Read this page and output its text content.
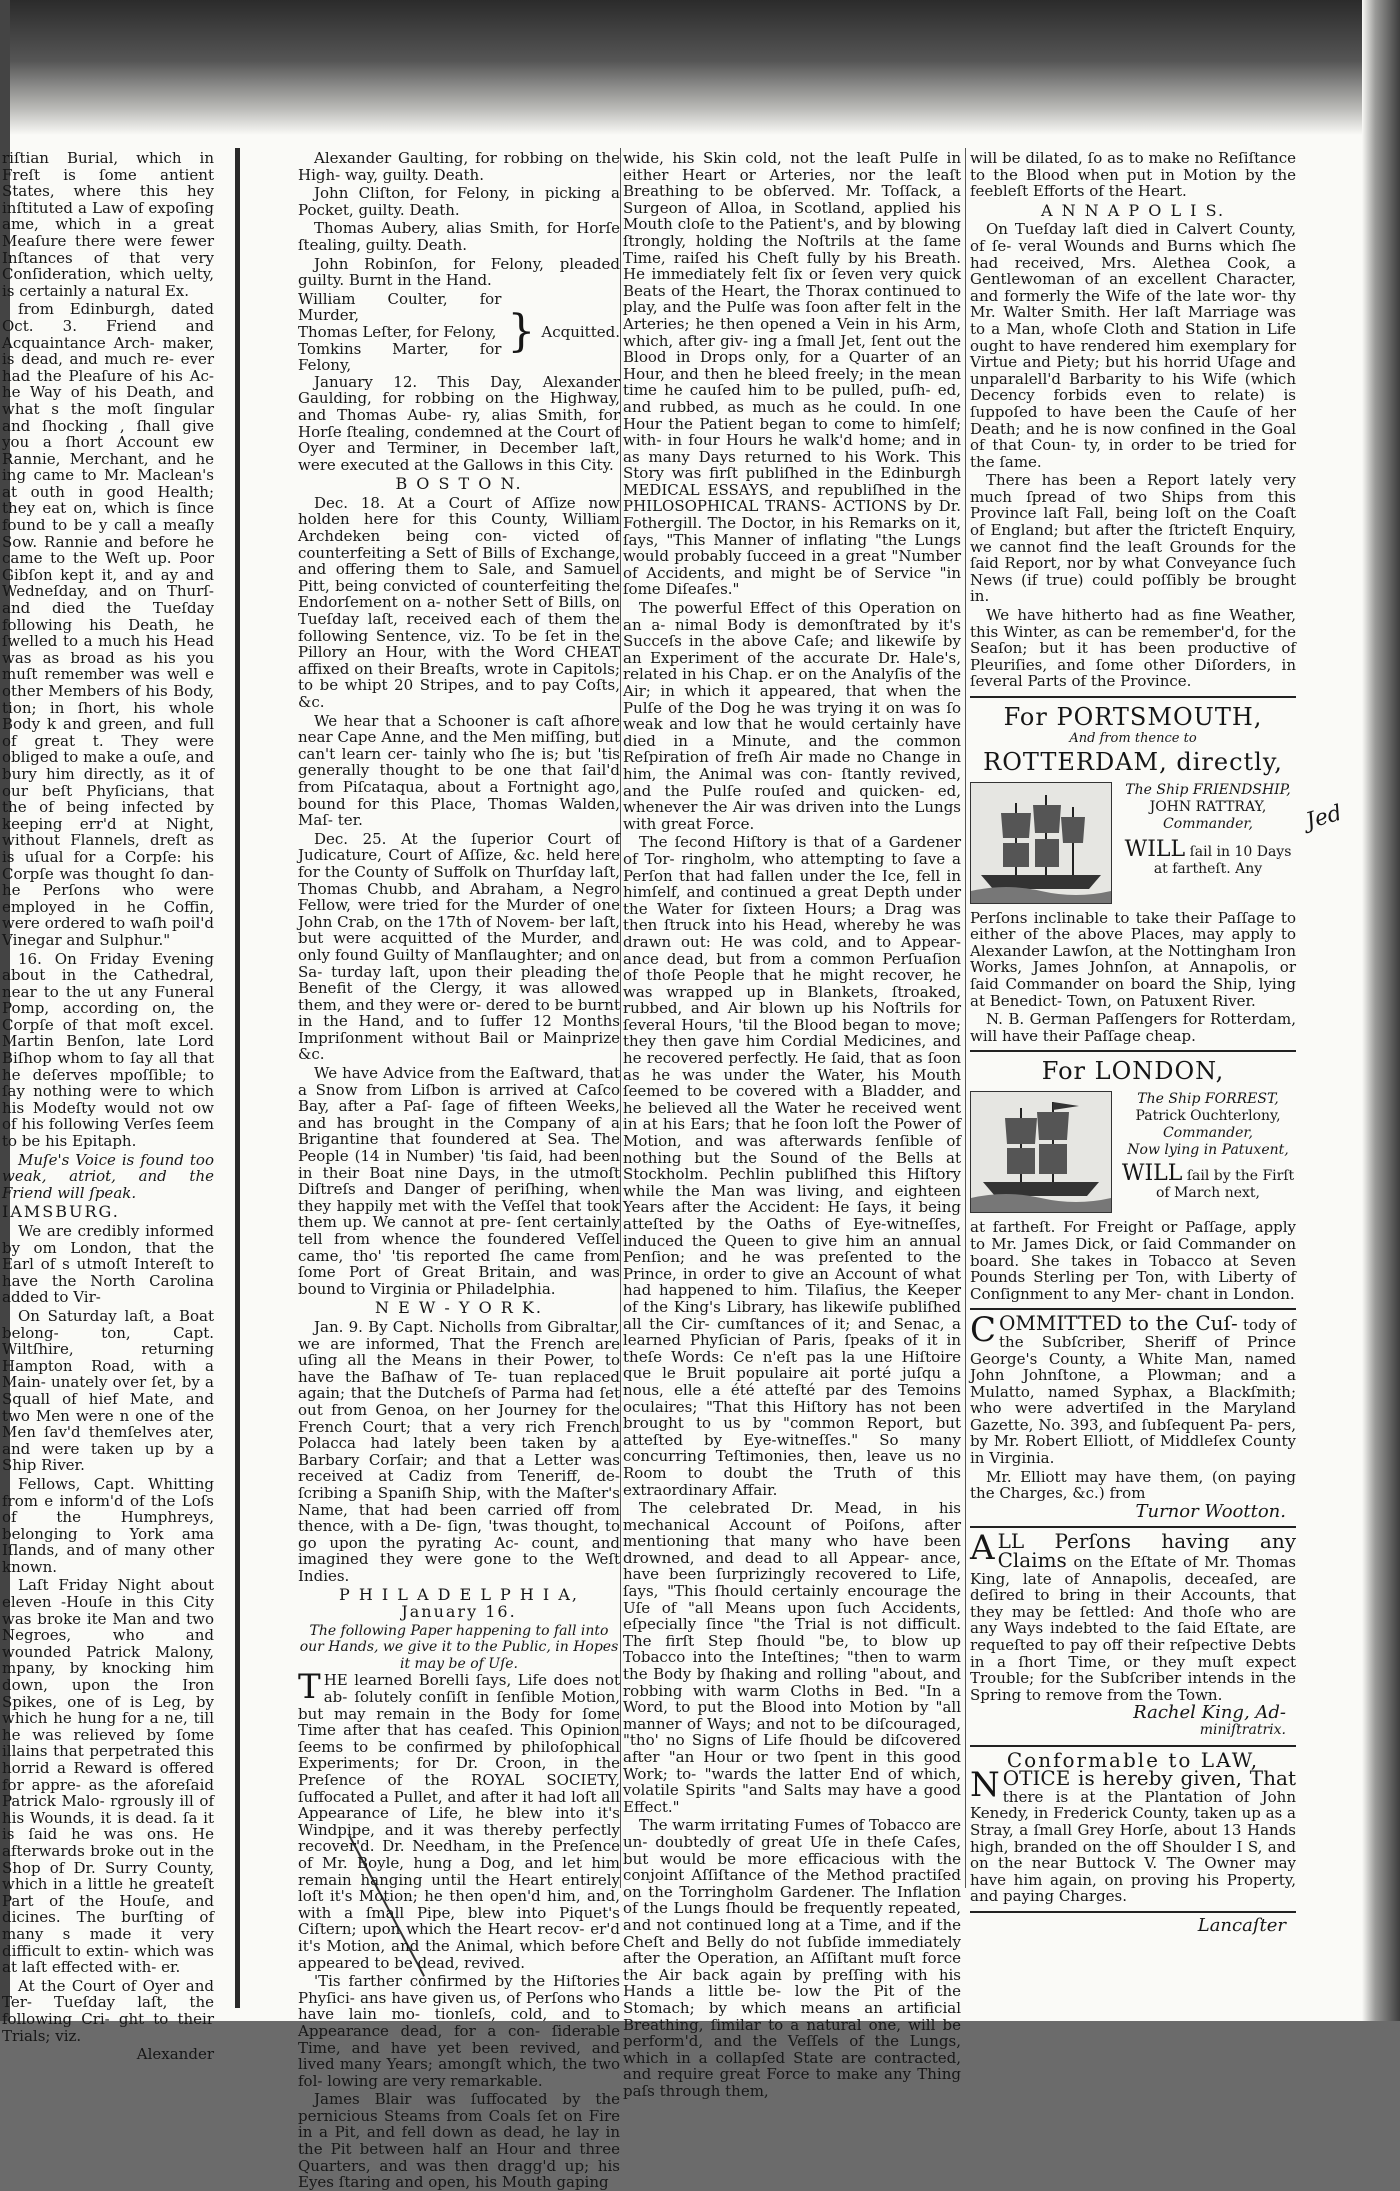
riſtian Burial, which in Freſt is ſome antient States, where this hey inſtituted a Law of expoſing ame, which in a great Meaſure there were fewer Inſtances of that very Conſideration, which uelty, is certainly a natural Ex.

from Edinburgh, dated Oct. 3. Friend and Acquaintance Arch- maker, is dead, and much re- ever had the Pleaſure of his Ac- he Way of his Death, and what s the moſt ſingular and ſhocking , ſhall give you a ſhort Account ew Rannie, Merchant, and he ing came to Mr. Maclean's at outh in good Health; they eat on, which is ſince found to be y call a meaſly Sow. Rannie and before he came to the Weſt up. Poor Gibſon kept it, and ay and Wedneſday, and on Thurſ- and died the Tueſday following his Death, he ſwelled to a much his Head was as broad as his you muſt remember was well e other Members of his Body, tion; in ſhort, his whole Body k and green, and full of great t. They were obliged to make a ouſe, and bury him directly, as it of our beſt Phyſicians, that the of being infected by keeping err'd at Night, without Flannels, dreſt as is uſual for a Corpſe: his Corpſe was thought ſo dan- he Perſons who were employed in he Coffin, were ordered to waſh poil'd Vinegar and Sulphur."

16. On Friday Evening about in the Cathedral, near to the ut any Funeral Pomp, according on, the Corpſe of that moſt excel. Martin Benſon, late Lord Biſhop whom to ſay all that he deſerves mpoſſible; to ſay nothing were to which his Modeſty would not ow of his following Verſes ſeem to be his Epitaph.

Muſe's Voice is found too weak, atriot, and the Friend will ſpeak.

IAMSBURG.

We are credibly informed by om London, that the Earl of s utmoſt Intereſt to have the North Carolina added to Vir-

On Saturday laſt, a Boat belong- ton, Capt. Wiltſhire, returning Hampton Road, with a Main- unately over ſet, by a Squall of hief Mate, and two Men were n one of the Men ſav'd themſelves ater, and were taken up by a Ship River.

Fellows, Capt. Whitting from e inform'd of the Loſs of the Humphreys, belonging to York ama Iſlands, and of many other known.

Laſt Friday Night about eleven -Houſe in this City was broke ite Man and two Negroes, who and wounded Patrick Malony, mpany, by knocking him down, upon the Iron Spikes, one of is Leg, by which he hung for a ne, till he was relieved by ſome illains that perpetrated this horrid a Reward is offered for appre- as the aforeſaid Patrick Malo- rgrously ill of his Wounds, it is dead. ſa it is ſaid he was ons. He afterwards broke out in the Shop of Dr. Surry County, which in a little he greateſt Part of the Houſe, and dicines. The burſting of many s made it very difficult to extin- which was at laſt effected with- er.

At the Court of Oyer and Ter- Tueſday laſt, the following Cri- ght to their Trials; viz.

Alexander

Alexander Gaulting, for robbing on the High- way, guilty. Death.

John Cliſton, for Felony, in picking a Pocket, guilty. Death.

Thomas Aubery, alias Smith, for Horſe ſtealing, guilty. Death.

John Robinſon, for Felony, pleaded guilty. Burnt in the Hand.

William Coulter, for Murder,
Thomas Leſter, for Felony,
Tomkins Marter, for Felony,
} Acquitted.

January 12. This Day, Alexander Gaulding, for robbing on the Highway, and Thomas Aube- ry, alias Smith, for Horſe ſtealing, condemned at the Court of Oyer and Terminer, in December laſt, were executed at the Gallows in this City.

B O S T O N.

Dec. 18. At a Court of Aſſize now holden here for this County, William Archdeken being con- victed of counterfeiting a Sett of Bills of Exchange, and offering them to Sale, and Samuel Pitt, being convicted of counterfeiting the Endorſement on a- nother Sett of Bills, on Tueſday laſt, received each of them the following Sentence, viz. To be ſet in the Pillory an Hour, with the Word CHEAT affixed on their Breaſts, wrote in Capitols; to be whipt 20 Stripes, and to pay Coſts, &c.

We hear that a Schooner is caſt aſhore near Cape Anne, and the Men miſſing, but can't learn cer- tainly who ſhe is; but 'tis generally thought to be one that ſail'd from Piſcataqua, about a Fortnight ago, bound for this Place, Thomas Walden, Maſ- ter.

Dec. 25. At the ſuperior Court of Judicature, Court of Aſſize, &c. held here for the County of Suffolk on Thurſday laſt, Thomas Chubb, and Abraham, a Negro Fellow, were tried for the Murder of one John Crab, on the 17th of Novem- ber laſt, but were acquitted of the Murder, and only found Guilty of Manſlaughter; and on Sa- turday laſt, upon their pleading the Benefit of the Clergy, it was allowed them, and they were or- dered to be burnt in the Hand, and to ſuffer 12 Months Impriſonment without Bail or Mainprize &c.

We have Advice from the Eaſtward, that a Snow from Liſbon is arrived at Caſco Bay, after a Paſ- ſage of fifteen Weeks, and has brought in the Company of a Brigantine that foundered at Sea. The People (14 in Number) 'tis ſaid, had been in their Boat nine Days, in the utmoſt Diſtreſs and Danger of periſhing, when they happily met with the Veſſel that took them up. We cannot at pre- ſent certainly tell from whence the foundered Veſſel came, tho' 'tis reported ſhe came from ſome Port of Great Britain, and was bound to Virginia or Philadelphia.

N E W - Y O R K.

Jan. 9. By Capt. Nicholls from Gibraltar, we are informed, That the French are uſing all the Means in their Power, to have the Baſhaw of Te- tuan replaced again; that the Dutcheſs of Parma had ſet out from Genoa, on her Journey for the French Court; that a very rich French Polacca had lately been taken by a Barbary Corſair; and that a Letter was received at Cadiz from Teneriff, de- ſcribing a Spaniſh Ship, with the Maſter's Name, that had been carried off from thence, with a De- ſign, 'twas thought, to go upon the pyrating Ac- count, and imagined they were gone to the Weſt Indies.

P H I L A D E L P H I A, January 16.
The following Paper happening to fall into our Hands, we give it to the Public, in Hopes it may be of Uſe.

THE learned Borelli ſays, Life does not ab- ſolutely conſiſt in ſenſible Motion, but may remain in the Body for ſome Time after that has ceaſed. This Opinion ſeems to be confirmed by philoſophical Experiments; for Dr. Croon, in the Preſence of the ROYAL SOCIETY, ſuffocated a Pullet, and after it had loſt all Appearance of Life, he blew into it's Windpipe, and it was thereby perfectly recover'd. Dr. Needham, in the Preſence of Mr. Boyle, hung a Dog, and let him remain hanging until the Heart entirely loſt it's Motion; he then open'd him, and, with a ſmall Pipe, blew into Piquet's Ciſtern; upon which the Heart recov- er'd it's Motion, and the Animal, which before appeared to be dead, revived.

'Tis farther confirmed by the Hiſtories Phyſici- ans have given us, of Perſons who have lain mo- tionleſs, cold, and to Appearance dead, for a con- ſiderable Time, and have yet been revived, and lived many Years; amongſt which, the two fol- lowing are very remarkable.

James Blair was ſuffocated by the pernicious Steams from Coals ſet on Fire in a Pit, and fell down as dead, he lay in the Pit between half an Hour and three Quarters, and was then dragg'd up; his Eyes ſtaring and open, his Mouth gaping

wide, his Skin cold, not the leaſt Pulſe in either Heart or Arteries, nor the leaſt Breathing to be obſerved. Mr. Toſſack, a Surgeon of Alloa, in Scotland, applied his Mouth cloſe to the Patient's, and by blowing ſtrongly, holding the Noſtrils at the ſame Time, raiſed his Cheſt fully by his Breath. He immediately felt ſix or ſeven very quick Beats of the Heart, the Thorax continued to play, and the Pulſe was ſoon after felt in the Arteries; he then opened a Vein in his Arm, which, after giv- ing a ſmall Jet, ſent out the Blood in Drops only, for a Quarter of an Hour, and then he bleed freely; in the mean time he cauſed him to be pulled, puſh- ed, and rubbed, as much as he could. In one Hour the Patient began to come to himſelf; with- in four Hours he walk'd home; and in as many Days returned to his Work. This Story was firſt publiſhed in the Edinburgh MEDICAL ESSAYS, and republiſhed in the PHILOSOPHICAL TRANS- ACTIONS by Dr. Fothergill. The Doctor, in his Remarks on it, ſays, "This Manner of inflating "the Lungs would probably ſucceed in a great "Number of Accidents, and might be of Service "in ſome Diſeaſes."

The powerful Effect of this Operation on an a- nimal Body is demonſtrated by it's Succeſs in the above Caſe; and likewiſe by an Experiment of the accurate Dr. Hale's, related in his Chap. er on the Analyſis of the Air; in which it appeared, that when the Pulſe of the Dog he was trying it on was ſo weak and low that he would certainly have died in a Minute, and the common Reſpiration of freſh Air made no Change in him, the Animal was con- ſtantly revived, and the Pulſe rouſed and quicken- ed, whenever the Air was driven into the Lungs with great Force.

The ſecond Hiſtory is that of a Gardener of Tor- ringholm, who attempting to ſave a Perſon that had fallen under the Ice, fell in himſelf, and continued a great Depth under the Water for ſixteen Hours; a Drag was then ſtruck into his Head, whereby he was drawn out: He was cold, and to Appear- ance dead, but from a common Perſuaſion of thoſe People that he might recover, he was wrapped up in Blankets, ſtroaked, rubbed, and Air blown up his Noſtrils for ſeveral Hours, 'til the Blood began to move; they then gave him Cordial Medicines, and he recovered perfectly. He ſaid, that as ſoon as he was under the Water, his Mouth ſeemed to be covered with a Bladder, and he believed all the Water he received went in at his Ears; that he ſoon loſt the Power of Motion, and was afterwards ſenſible of nothing but the Sound of the Bells at Stockholm. Pechlin publiſhed this Hiſtory while the Man was living, and eighteen Years after the Accident: He ſays, it being atteſted by the Oaths of Eye-witneſſes, induced the Queen to give him an annual Penſion; and he was preſented to the Prince, in order to give an Account of what had happened to him. Tilaſius, the Keeper of the King's Library, has likewiſe publiſhed all the Cir- cumſtances of it; and Senac, a learned Phyſician of Paris, ſpeaks of it in theſe Words: Ce n'eſt pas la une Hiſtoire que le Bruit populaire ait porté juſqu a nous, elle a été atteſté par des Temoins oculaires; "That this Hiſtory has not been brought to us by "common Report, but atteſted by Eye-witneſſes." So many concurring Teſtimonies, then, leave us no Room to doubt the Truth of this extraordinary Affair.

The celebrated Dr. Mead, in his mechanical Account of Poiſons, after mentioning that many who have been drowned, and dead to all Appear- ance, have been ſurprizingly recovered to Life, ſays, "This ſhould certainly encourage the Uſe of "all Means upon ſuch Accidents, eſpecially ſince "the Trial is not difficult. The firſt Step ſhould "be, to blow up Tobacco into the Inteſtines; "then to warm the Body by ſhaking and rolling "about, and robbing with warm Cloths in Bed. "In a Word, to put the Blood into Motion by "all manner of Ways; and not to be diſcouraged, "tho' no Signs of Life ſhould be diſcovered after "an Hour or two ſpent in this good Work; to- "wards the latter End of which, volatile Spirits "and Salts may have a good Effect."

The warm irritating Fumes of Tobacco are un- doubtedly of great Uſe in theſe Caſes, but would be more efficacious with the conjoint Aſſiſtance of the Method practiſed on the Torringholm Gardener. The Inflation of the Lungs ſhould be frequently repeated, and not continued long at a Time, and if the Cheſt and Belly do not ſubſide immediately after the Operation, an Aſſiſtant muſt force the Air back again by preſſing with his Hands a little be- low the Pit of the Stomach; by which means an artificial Breathing, ſimilar to a natural one, will be perform'd, and the Veſſels of the Lungs, which in a collapſed State are contracted, and require great Force to make any Thing paſs through them,

will be dilated, ſo as to make no Reſiſtance to the Blood when put in Motion by the feebleſt Efforts of the Heart.

A N N A P O L I S.

On Tueſday laſt died in Calvert County, of ſe- veral Wounds and Burns which ſhe had received, Mrs. Alethea Cook, a Gentlewoman of an excellent Character, and formerly the Wife of the late wor- thy Mr. Walter Smith. Her laſt Marriage was to a Man, whoſe Cloth and Station in Life ought to have rendered him exemplary for Virtue and Piety; but his horrid Uſage and unparalell'd Barbarity to his Wife (which Decency forbids even to relate) is ſuppoſed to have been the Cauſe of her Death; and he is now confined in the Goal of that Coun- ty, in order to be tried for the ſame.

There has been a Report lately very much ſpread of two Ships from this Province laſt Fall, being loſt on the Coaſt of England; but after the ſtricteſt Enquiry, we cannot find the leaſt Grounds for the ſaid Report, nor by what Conveyance ſuch News (if true) could poſſibly be brought in.

We have hitherto had as fine Weather, this Winter, as can be remember'd, for the Seaſon; but it has been productive of Pleuriſies, and ſome other Diſorders, in ſeveral Parts of the Province.

For PORTSMOUTH,
And from thence to
ROTTERDAM, directly,
The Ship FRIENDSHIP,
JOHN RATTRAY,
Commander,
WILL ſail in 10 Days at fartheſt. Any

Perſons inclinable to take their Paſſage to either of the above Places, may apply to Alexander Lawſon, at the Nottingham Iron Works, James Johnſon, at Annapolis, or ſaid Commander on board the Ship, lying at Benedict- Town, on Patuxent River.

N. B. German Paſſengers for Rotterdam, will have their Paſſage cheap.

For LONDON,
The Ship FORREST,
Patrick Ouchterlony,
Commander,
Now lying in Patuxent,
WILL ſail by the Firſt of March next,

at fartheſt. For Freight or Paſſage, apply to Mr. James Dick, or ſaid Commander on board. She takes in Tobacco at Seven Pounds Sterling per Ton, with Liberty of Conſignment to any Mer- chant in London.

COMMITTED to the Cuſ- tody of the Subſcriber, Sheriff of Prince George's County, a White Man, named John Johnſtone, a Plowman; and a Mulatto, named Syphax, a Blackſmith; who were advertiſed in the Maryland Gazette, No. 393, and ſubſequent Pa- pers, by Mr. Robert Elliott, of Middleſex County in Virginia.

Mr. Elliott may have them, (on paying the Charges, &c.) from

Turnor Wootton.

ALL Perſons having any Claims on the Eſtate of Mr. Thomas King, late of Annapolis, deceaſed, are deſired to bring in their Accounts, that they may be ſettled: And thoſe who are any Ways indebted to the ſaid Eſtate, are requeſted to pay off their reſpective Debts in a ſhort Time, or they muſt expect Trouble; for the Subſcriber intends in the Spring to remove from the Town.

Rachel King, Ad-
miniſtratrix.
Conformable to LAW,

NOTICE is hereby given, That there is at the Plantation of John Kenedy, in Frederick County, taken up as a Stray, a ſmall Grey Horſe, about 13 Hands high, branded on the off Shoulder I S, and on the near Buttock V. The Owner may have him again, on proving his Property, and paying Charges.

Lancaſter
Jed
